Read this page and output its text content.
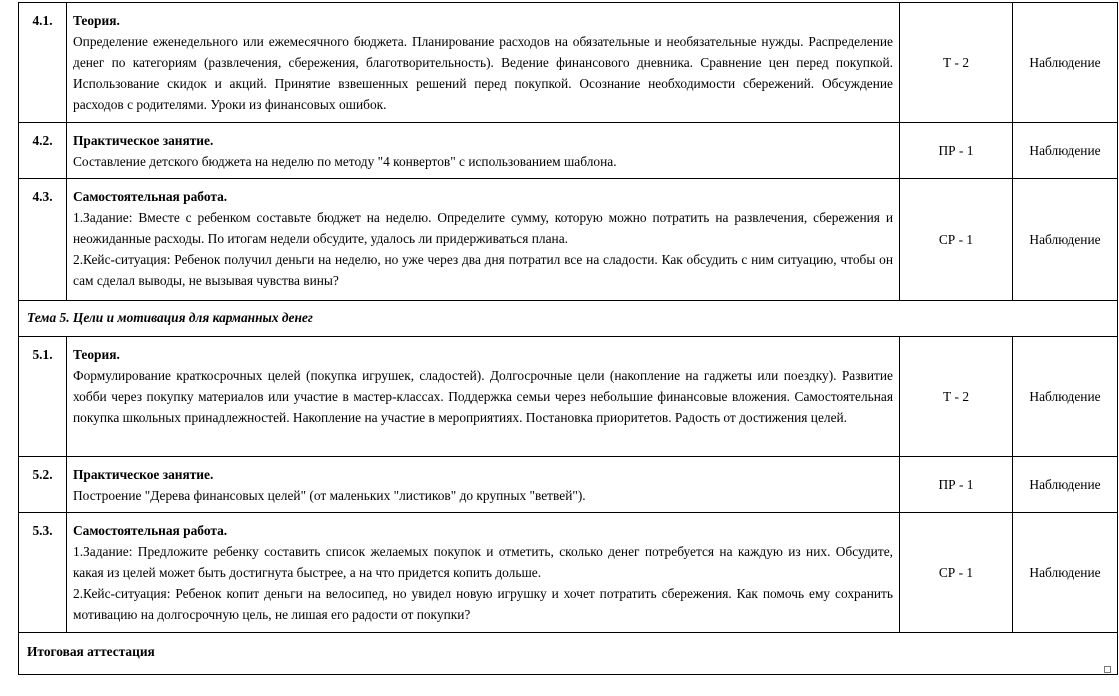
4.1.	Теория.
Определение еженедельного или ежемесячного бюджета. Планирование расходов на обязательные и необязательные нужды. Распределение денег по категориям (развлечения, сбережения, благотворительность). Ведение финансового дневника. Сравнение цен перед покупкой. Использование скидок и акций. Принятие взвешенных решений перед покупкой. Осознание необходимости сбережений. Обсуждение расходов с родителями. Уроки из финансовых ошибок.	Т - 2	Наблюдение
4.2.	Практическое занятие.
Составление детского бюджета на неделю по методу "4 конвертов" с использованием шаблона.	ПР - 1	Наблюдение
4.3.	Самостоятельная работа.
1.Задание: Вместе с ребенком составьте бюджет на неделю. Определите сумму, которую можно потратить на развлечения, сбережения и неожиданные расходы. По итогам недели обсудите, удалось ли придерживаться плана.
2.Кейс-ситуация: Ребенок получил деньги на неделю, но уже через два дня потратил все на сладости. Как обсудить с ним ситуацию, чтобы он сам сделал выводы, не вызывая чувства вины?	СР - 1	Наблюдение
Тема 5. Цели и мотивация для карманных денег			
5.1.	Теория.
Формулирование краткосрочных целей (покупка игрушек, сладостей). Долгосрочные цели (накопление на гаджеты или поездку). Развитие хобби через покупку материалов или участие в мастер-классах. Поддержка семьи через небольшие финансовые вложения. Самостоятельная покупка школьных принадлежностей. Накопление на участие в мероприятиях. Постановка приоритетов. Радость от достижения целей.	Т - 2	Наблюдение
5.2.	Практическое занятие.
Построение "Дерева финансовых целей" (от маленьких "листиков" до крупных "ветвей").	ПР - 1	Наблюдение
5.3.	Самостоятельная работа.
1.Задание: Предложите ребенку составить список желаемых покупок и отметить, сколько денег потребуется на каждую из них. Обсудите, какая из целей может быть достигнута быстрее, а на что придется копить дольше.
2.Кейс-ситуация: Ребенок копит деньги на велосипед, но увидел новую игрушку и хочет потратить сбережения. Как помочь ему сохранить мотивацию на долгосрочную цель, не лишая его радости от покупки?	СР - 1	Наблюдение
Итоговая аттестация			
